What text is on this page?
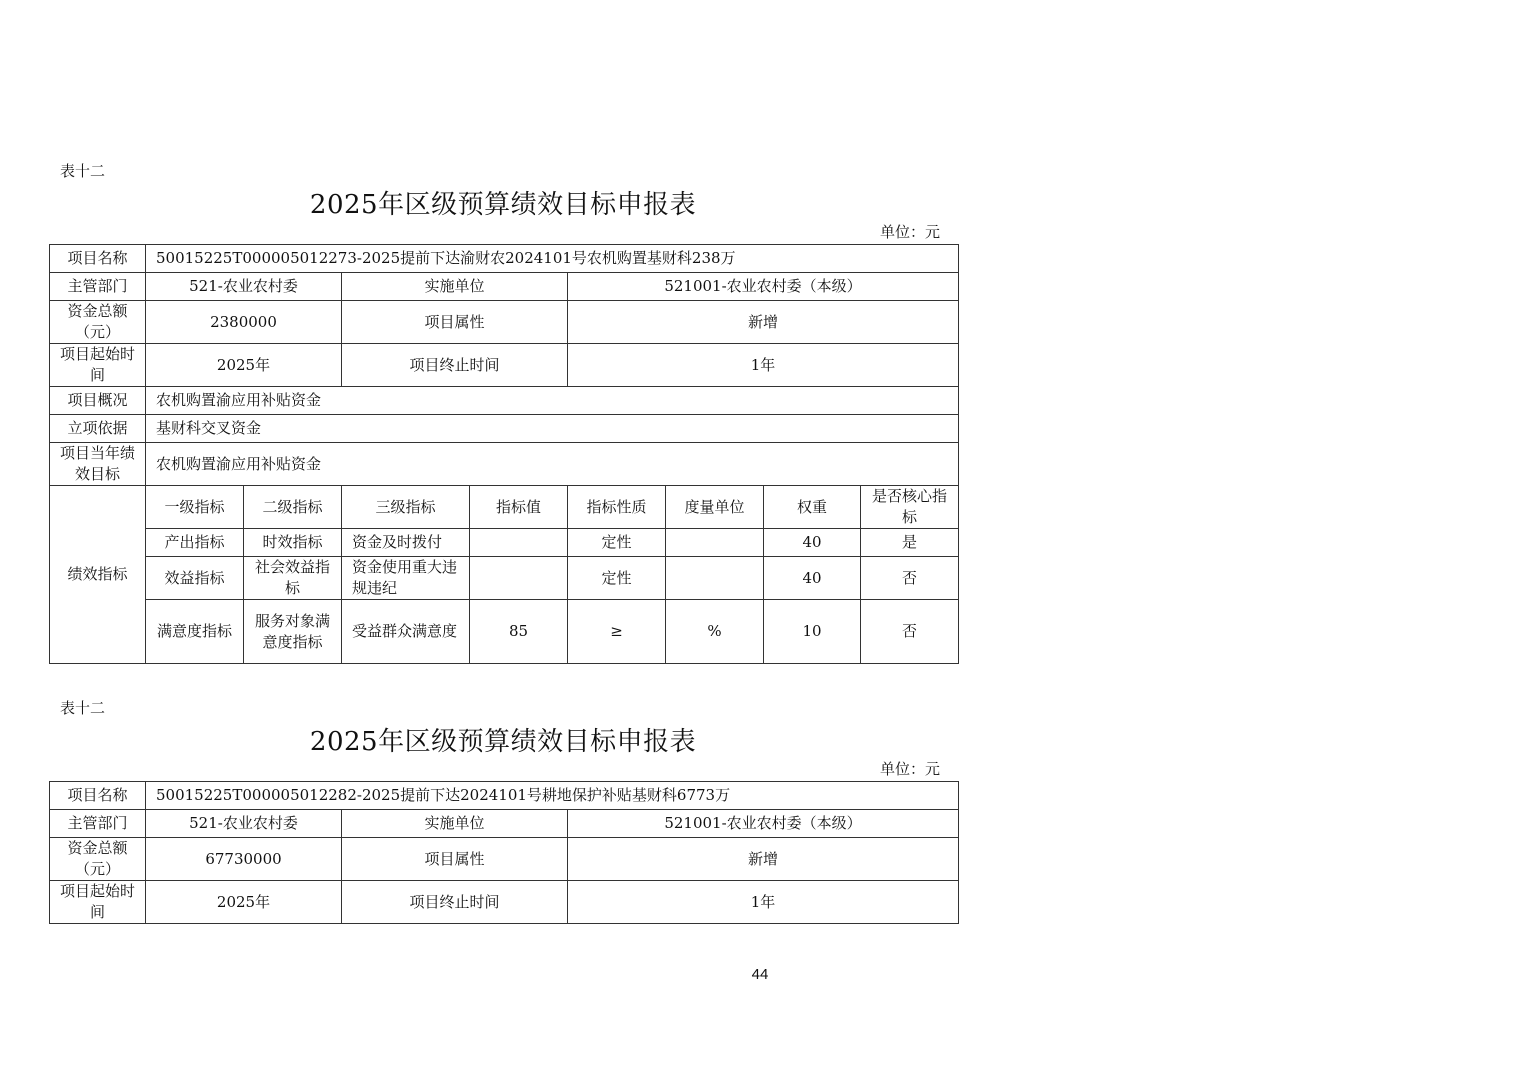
表十二
2025年区级预算绩效目标申报表
单位：元
项目名称	50015225T000005012273-2025提前下达渝财农2024101号农机购置基财科238万							
主管部门	521-农业农村委		实施单位		521001-农业农村委（本级）			
资金总额（元）	2380000		项目属性		新增			
项目起始时间	2025年		项目终止时间		1年			
项目概况	农机购置渝应用补贴资金							
立项依据	基财科交叉资金							
项目当年绩效目标	农机购置渝应用补贴资金							
绩效指标	一级指标	二级指标	三级指标	指标值	指标性质	度量单位	权重	是否核心指标
	产出指标	时效指标	资金及时拨付		定性		40	是
	效益指标	社会效益指标	资金使用重大违规违纪		定性		40	否
	满意度指标	服务对象满意度指标	受益群众满意度	85	≥	%	10	否
表十二
2025年区级预算绩效目标申报表
单位：元
项目名称	50015225T000005012282-2025提前下达2024101号耕地保护补贴基财科6773万		
主管部门	521-农业农村委	实施单位	521001-农业农村委（本级）
资金总额（元）	67730000	项目属性	新增
项目起始时间	2025年	项目终止时间	1年
44
